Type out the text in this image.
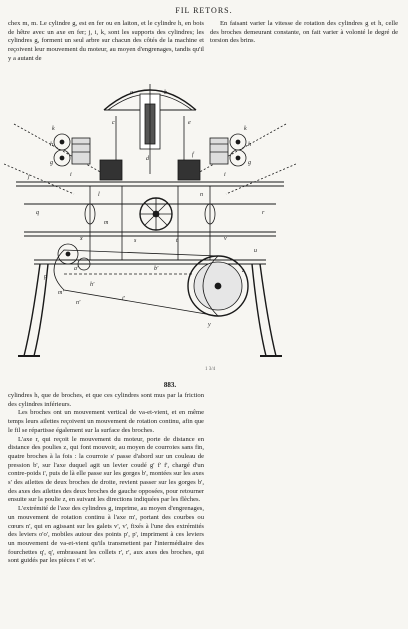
FIL RETORS.

chex m, m. Le cylindre g, est en fer ou en laiton, et le cylindre h, en bois de hêtre avec un axe en fer; j, i, k, sont les supports des cylindres; les cylindres g, forment un seul arbre sur chacun des côtés de la machine et reçoivent leur mouvement du moteur, au moyen d'engrenages, tandis qu'il y a autant de

En faisant varier la vitesse de rotation des cylindres g et h, celle des broches demeurant constante, on fait varier à volonté le degré de torsion des brins.

k	k
h	h
g	g
i	i
a	b
c
d
e
f
j
l
m
n
q	r
s	t
z
x	v
u
p
y
a'
m'
h'
n'
b'
i'
1 3/4
883.

cylindres h, que de broches, et que ces cylindres sont mus par la friction des cylindres inférieurs.

Les broches ont un mouvement vertical de va-et-vient, et en même temps leurs ailettes reçoivent un mouvement de rotation continu, afin que le fil se répartisse également sur la surface des broches.

L'axe r, qui reçoit le mouvement du moteur, porte de distance en distance des poulies z, qui font mouvoir, au moyen de courroies sans fin, quatre broches à la fois : la courroie s' passe d'abord sur un couleau de pression b', sur l'axe duquel agit un levier coudé g' f' f', chargé d'un contre-poids i', puis de là elle passe sur les gorges b', montées sur les axes s' des ailettes de deux broches de droite, revient passer sur les gorges b', des axes des ailettes des deux broches de gauche opposées, pour retourner ensuite sur la poulie z, en suivant les directions indiquées par les flèches.

L'extrémité de l'axe des cylindres g, imprime, au moyen d'engrenages, un mouvement de rotation continu à l'axe m', portant des courbes ou cœurs n', qui en agissant sur les galets v', v', fixés à l'une des extrémités des leviers o'o', mobiles autour des points p', p', impriment à ces leviers un mouvement de va-et-vient qu'ils transmettent par l'intermédiaire des fourchettes q', q', embrassant les collets r', r', aux axes des broches, qui sont guidés par les pièces t' et w'.
